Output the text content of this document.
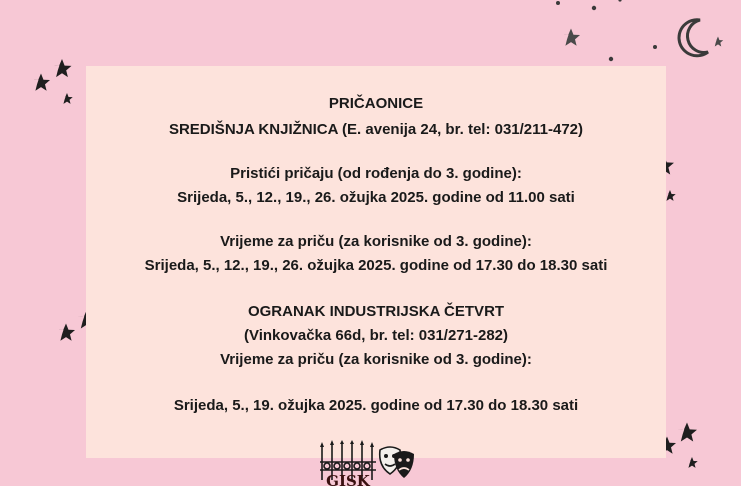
PRIČAONICE
SREDIŠNJA KNJIŽNICA (E. avenija 24, br. tel: 031/211-472)
Pristići pričaju (od rođenja do 3. godine):
Srijeda, 5., 12., 19., 26. ožujka 2025. godine od 11.00 sati
Vrijeme za priču (za korisnike od 3. godine):
Srijeda, 5., 12., 19., 26. ožujka 2025. godine od 17.30 do 18.30 sati
OGRANAK INDUSTRIJSKA ČETVRT
(Vinkovačka 66d, br. tel: 031/271-282)
Vrijeme za priču (za korisnike od 3. godine):
Srijeda, 5., 19. ožujka 2025. godine od 17.30 do 18.30 sati
GISK
